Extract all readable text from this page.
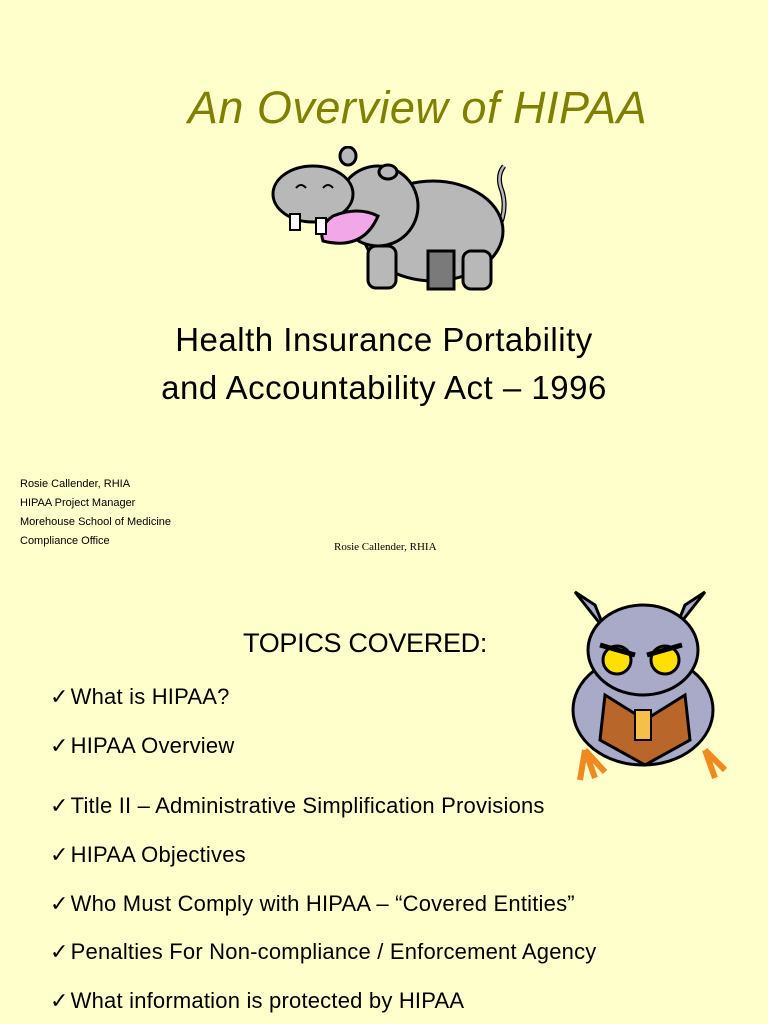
An Overview of HIPAA
Health Insurance Portability
and Accountability Act – 1996
Rosie Callender, RHIA
HIPAA Project Manager
Morehouse School of Medicine
Compliance Office	Rosie Callender, RHIA
TOPICS COVERED:
✓What is HIPAA?
✓HIPAA Overview
✓Title II – Administrative Simplification Provisions
✓HIPAA Objectives
✓Who Must Comply with HIPAA – “Covered Entities”
✓Penalties For Non-compliance / Enforcement Agency
✓What information is protected by HIPAA
